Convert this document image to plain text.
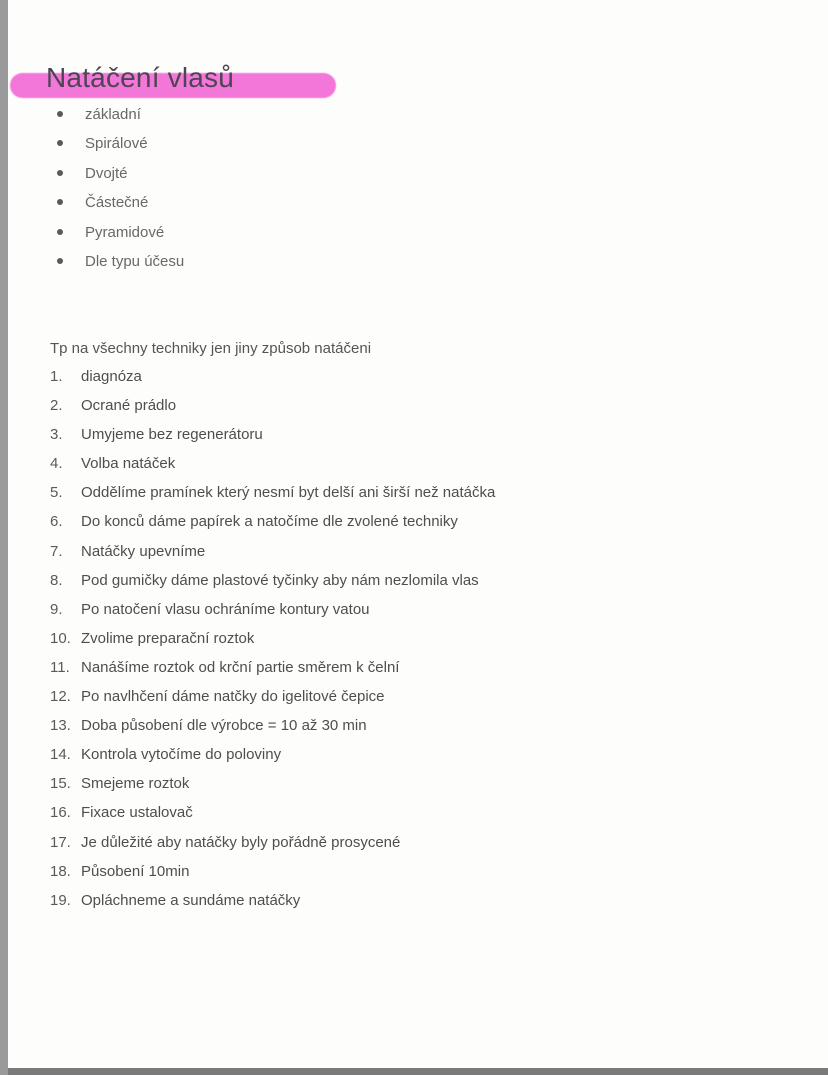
Natáčení vlasů
základní
Spirálové
Dvojté
Částečné
Pyramidové
Dle typu účesu
Tp na všechny techniky jen jiny způsob natáčeni
1. diagnóza
2. Ocrané prádlo
3. Umyjeme bez regenerátoru
4. Volba natáček
5. Oddělíme pramínek který nesmí byt delší ani širší než natáčka
6. Do konců dáme papírek a natočíme dle zvolené techniky
7. Natáčky upevníme
8. Pod gumičky dáme plastové tyčinky aby nám nezlomila vlas
9. Po natočení vlasu ochráníme kontury vatou
10. Zvolime preparační roztok
11. Nanášíme roztok od krční partie směrem k čelní
12. Po navlhčení dáme natčky do igelitové čepice
13. Doba působení dle výrobce = 10 až 30 min
14. Kontrola vytočíme do poloviny
15. Smejeme roztok
16. Fixace ustalovač
17. Je důležité aby natáčky byly pořádně prosycené
18. Působení 10min
19. Opláchneme a sundáme natáčky
